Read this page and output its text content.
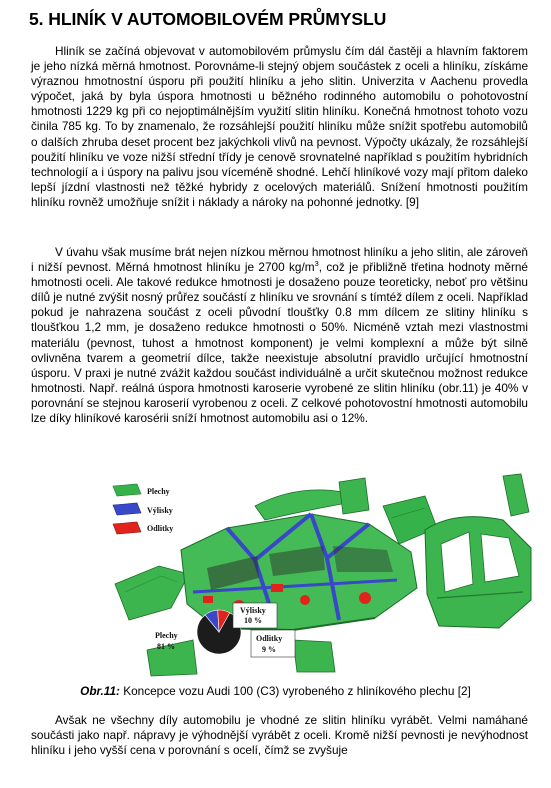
5. HLINÍK V AUTOMOBILOVÉM PRŮMYSLU

Hliník se začíná objevovat v automobilovém průmyslu čím dál častěji a hlavním faktorem je jeho nízká měrná hmotnost. Porovnáme-li stejný objem součástek z oceli a hliníku, získáme výraznou hmotnostní úsporu při použití hliníku a jeho slitin. Univerzita v Aachenu provedla výpočet, jaká by byla úspora hmotnosti u běžného rodinného automobilu o pohotovostní hmotnosti 1229 kg při co nejoptimálnějším využití slitin hliníku. Konečná hmotnost tohoto vozu činila 785 kg. To by znamenalo, že rozsáhlejší použití hliníku může snížit spotřebu automobilů o dalších zhruba deset procent bez jakýchkoli vlivů na pevnost. Výpočty ukázaly, že rozsáhlejší použití hliníku ve voze nižší střední třídy je cenově srovnatelné například s použitím hybridních technologií a i úspory na palivu jsou víceméně shodné. Lehčí hliníkové vozy mají přitom daleko lepší jízdní vlastnosti než těžké hybridy z ocelových materiálů. Snížení hmotnosti použitím hliníku rovněž umožňuje snížit i náklady a nároky na pohonné jednotky. [9]

V úvahu však musíme brát nejen nízkou měrnou hmotnost hliníku a jeho slitin, ale zároveň i nižší pevnost. Měrná hmotnost hliníku je 2700 $kg/m^3$, což je přibližně třetina hodnoty měrné hmotnosti oceli. Ale takové redukce hmotnosti je dosaženo pouze teoreticky, neboť pro většinu dílů je nutné zvýšit nosný průřez součástí z hliníku ve srovnání s tímtéž dílem z oceli. Například pokud je nahrazena součást z oceli původní tloušťky 0.8 mm dílcem ze slitiny hliníku s tloušťkou 1,2 mm, je dosaženo redukce hmotnosti o 50%. Nicméně vztah mezi vlastnostmi materiálu (pevnost, tuhost a hmotnost komponent) je velmi komplexní a může být silně ovlivněna tvarem a geometrií dílce, takže neexistuje absolutní pravidlo určující hmotnostní úsporu. V praxi je nutné zvážit každou součást individuálně a určit skutečnou možnost redukce hmotnosti. Např. reálná úspora hmotnosti karoserie vyrobené ze slitin hliníku (obr.11) je 40% v porovnání se stejnou karoserií vyrobenou z oceli. Z celkové pohotovostní hmotnosti automobilu lze díky hliníkové karosérii sníží hmotnost automobilu asi o 12%.

Plechy
Výlisky
Odlitky
Plechy
81 %
Výlisky
10 %
Odlitky
9 %
Obr.11: Koncepce vozu Audi 100 (C3) vyrobeného z hliníkového plechu [2]

Avšak ne všechny díly automobilu je vhodné ze slitin hliníku vyrábět. Velmi namáhané součásti jako např. nápravy je výhodnější vyrábět z oceli. Kromě nižší pevnosti je nevýhodnost hliníku i jeho vyšší cena v porovnání s ocelí, čímž se zvyšuje
